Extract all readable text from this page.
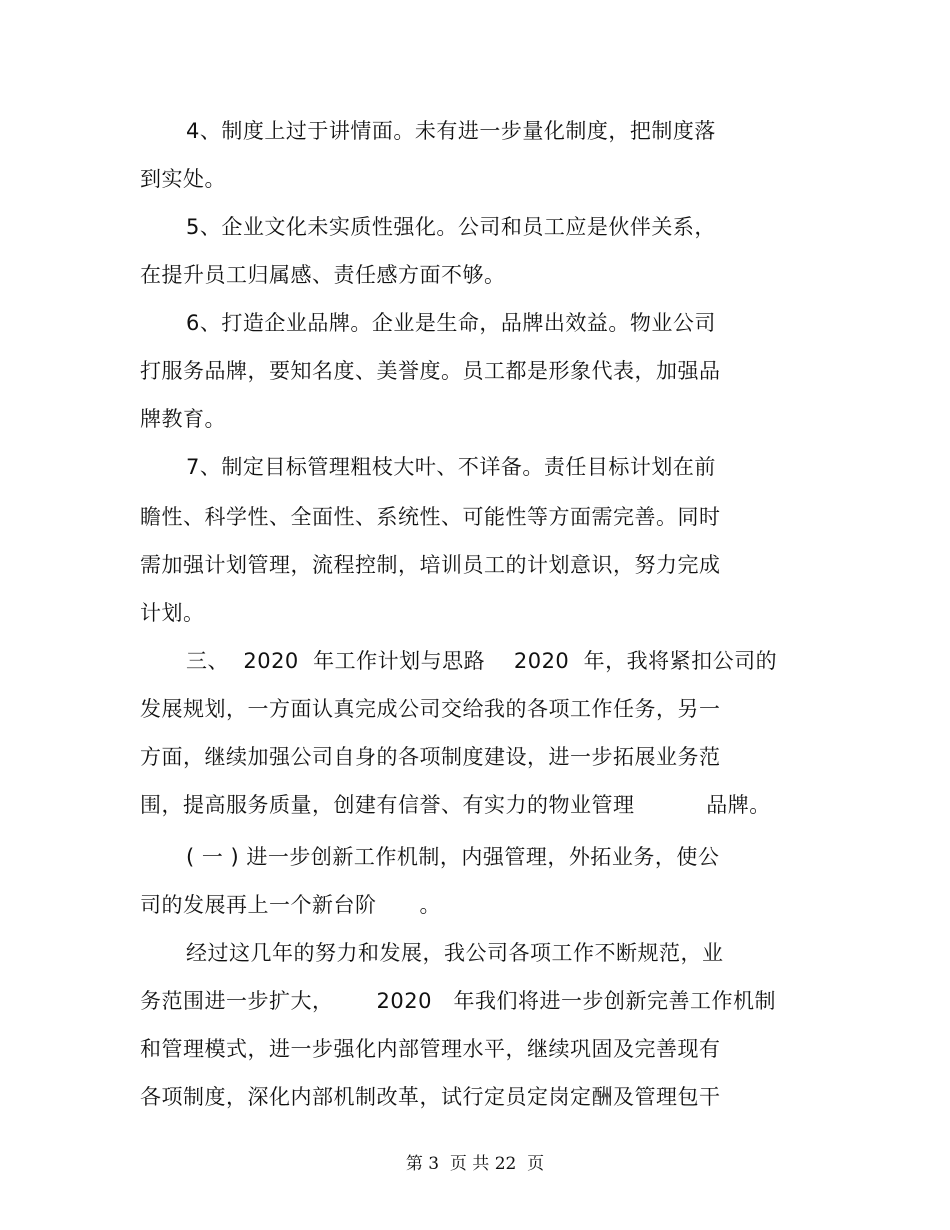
4、制度上过于讲情面。未有进一步量化制度，把制度落
到实处。
5、企业文化未实质性强化。公司和员工应是伙伴关系，
在提升员工归属感、责任感方面不够。
6、打造企业品牌。企业是生命，品牌出效益。物业公司
打服务品牌，要知名度、美誉度。员工都是形象代表，加强品
牌教育。
7、制定目标管理粗枝大叶、不详备。责任目标计划在前
瞻性、科学性、全面性、系统性、可能性等方面需完善。同时
需加强计划管理，流程控制，培训员工的计划意识，努力完成
计划。
三、  2020  年工作计划与思路    2020  年，我将紧扣公司的
发展规划，一方面认真完成公司交给我的各项工作任务，另一
方面，继续加强公司自身的各项制度建设，进一步拓展业务范
围，提高服务质量，创建有信誉、有实力的物业管理          品牌。
( 一 ) 进一步创新工作机制，内强管理，外拓业务，使公
司的发展再上一个新台阶      。
经过这几年的努力和发展，我公司各项工作不断规范，业
务范围进一步扩大，      2020   年我们将进一步创新完善工作机制
和管理模式，进一步强化内部管理水平，继续巩固及完善现有
各项制度，深化内部机制改革，试行定员定岗定酬及管理包干
第 3  页 共 22  页
